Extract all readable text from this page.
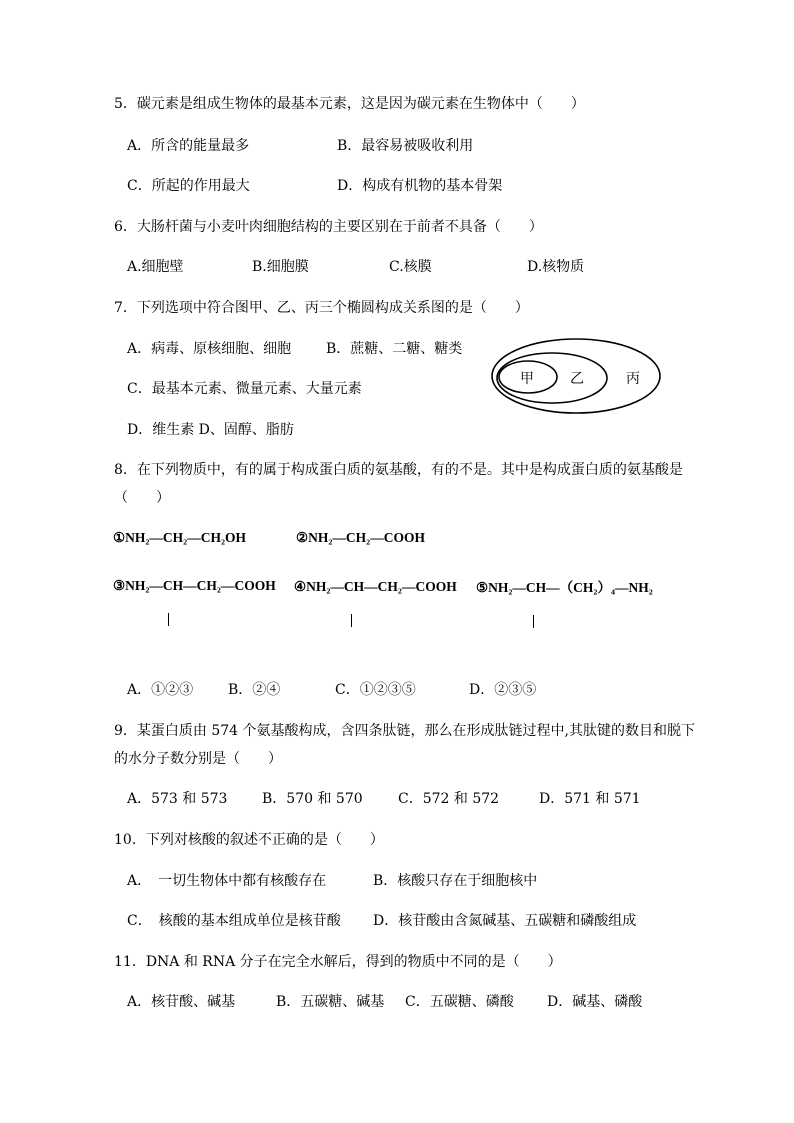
5．碳元素是组成生物体的最基本元素，这是因为碳元素在生物体中（　　）
A．所含的能量最多	B．最容易被吸收利用
C．所起的作用最大	D．构成有机物的基本骨架
6．大肠杆菌与小麦叶肉细胞结构的主要区别在于前者不具备（　　）
A.细胞壁	B.细胞膜	C.核膜	D.核物质
7．下列选项中符合图甲、乙、丙三个椭圆构成关系图的是（　　）
A．病毒、原核细胞、细胞 B．蔗糖、二糖、糖类
C．最基本元素、微量元素、大量元素
D．维生素 D、固醇、脂肪
甲	乙	丙
8．在下列物质中，有的属于构成蛋白质的氨基酸，有的不是。其中是构成蛋白质的氨基酸是
（　　）
①NH₂—CH₂—CH₂OH	②NH₂—CH₂—COOH
③NH₂—CH—CH₂—COOH ④NH₂—CH—CH₂—COOH ⑤NH₂—CH—（CH₂）₄—NH₂
A．①②③ B．②④	C．①②③⑤	D．②③⑤
9．某蛋白质由 574 个氨基酸构成，含四条肽链，那么在形成肽链过程中,其肽键的数目和脱下
的水分子数分别是（　　）
A．573 和 573 B．570 和 570	C．572 和 572	D．571 和 571
10．下列对核酸的叙述不正确的是（　　）
A．　一切生物体中都有核酸存在	B．核酸只存在于细胞核中
C．　核酸的基本组成单位是核苷酸 D．核苷酸由含氮碱基、五碳糖和磷酸组成
11．DNA 和 RNA 分子在完全水解后，得到的物质中不同的是（　　）
A．核苷酸、碱基	B．五碳糖、碱基 C．五碳糖、磷酸 D．碱基、磷酸
